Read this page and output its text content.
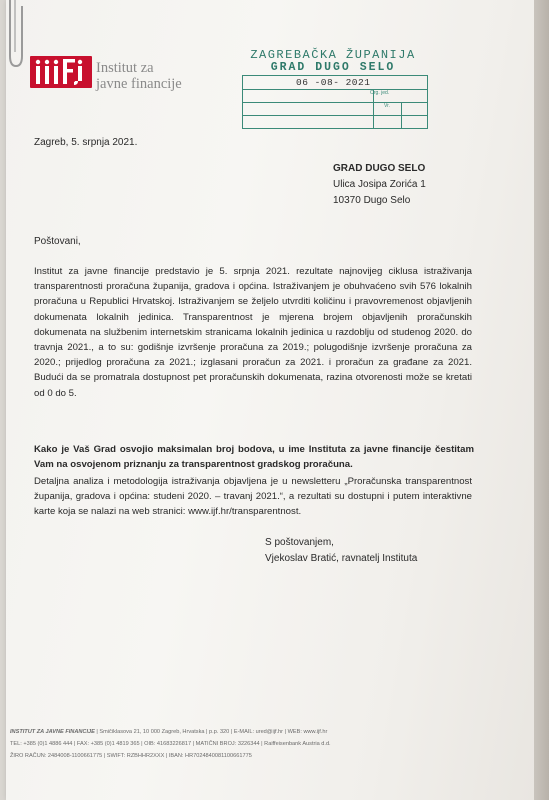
Institut za
javne financije
ZAGREBAČKA ŽUPANIJA
GRAD DUGO SELO
06 -08- 2021
Org. jed.
Vr.
Zagreb, 5. srpnja 2021.
GRAD DUGO SELO
Ulica Josipa Zorića 1
10370 Dugo Selo
Poštovani,
Institut za javne financije predstavio je 5. srpnja 2021. rezultate najnovijeg ciklusa istraživanja transparentnosti proračuna županija, gradova i općina. Istraživanjem je obuhvaćeno svih 576 lokalnih proračuna u Republici Hrvatskoj. Istraživanjem se željelo utvrditi količinu i pravovremenost objavljenih dokumenata lokalnih jedinica. Transparentnost je mjerena brojem objavljenih proračunskih dokumenata na službenim internetskim stranicama lokalnih jedinica u razdoblju od studenog 2020. do travnja 2021., a to su: godišnje izvršenje proračuna za 2019.; polugodišnje izvršenje proračuna za 2020.; prijedlog proračuna za 2021.; izglasani proračun za 2021. i proračun za građane za 2021. Budući da se promatrala dostupnost pet proračunskih dokumenata, razina otvorenosti može se kretati od 0 do 5.
Kako je Vaš Grad osvojio maksimalan broj bodova, u ime Instituta za javne financije čestitam Vam na osvojenom priznanju za transparentnost gradskog proračuna.
Detaljna analiza i metodologija istraživanja objavljena je u newsletteru „Proračunska transparentnost županija, gradova i općina: studeni 2020. – travanj 2021.“, a rezultati su dostupni i putem interaktivne karte koja se nalazi na web stranici: www.ijf.hr/transparentnost.
S poštovanjem,
Vjekoslav Bratić, ravnatelj Instituta
INSTITUT ZA JAVNE FINANCIJE | Smičiklasova 21, 10 000 Zagreb, Hrvatska | p.p. 320 | E-MAIL: ured@ijf.hr | WEB: www.ijf.hr
TEL: +385 (0)1 4886 444 | FAX: +385 (0)1 4819 365 | OIB: 41683226817 | MATIČNI BROJ: 3226344 | Raiffeisenbank Austria d.d.
ŽIRO RAČUN: 2484008-1100661775 | SWIFT: RZBHHR2XXX | IBAN: HR7024840081100661775
